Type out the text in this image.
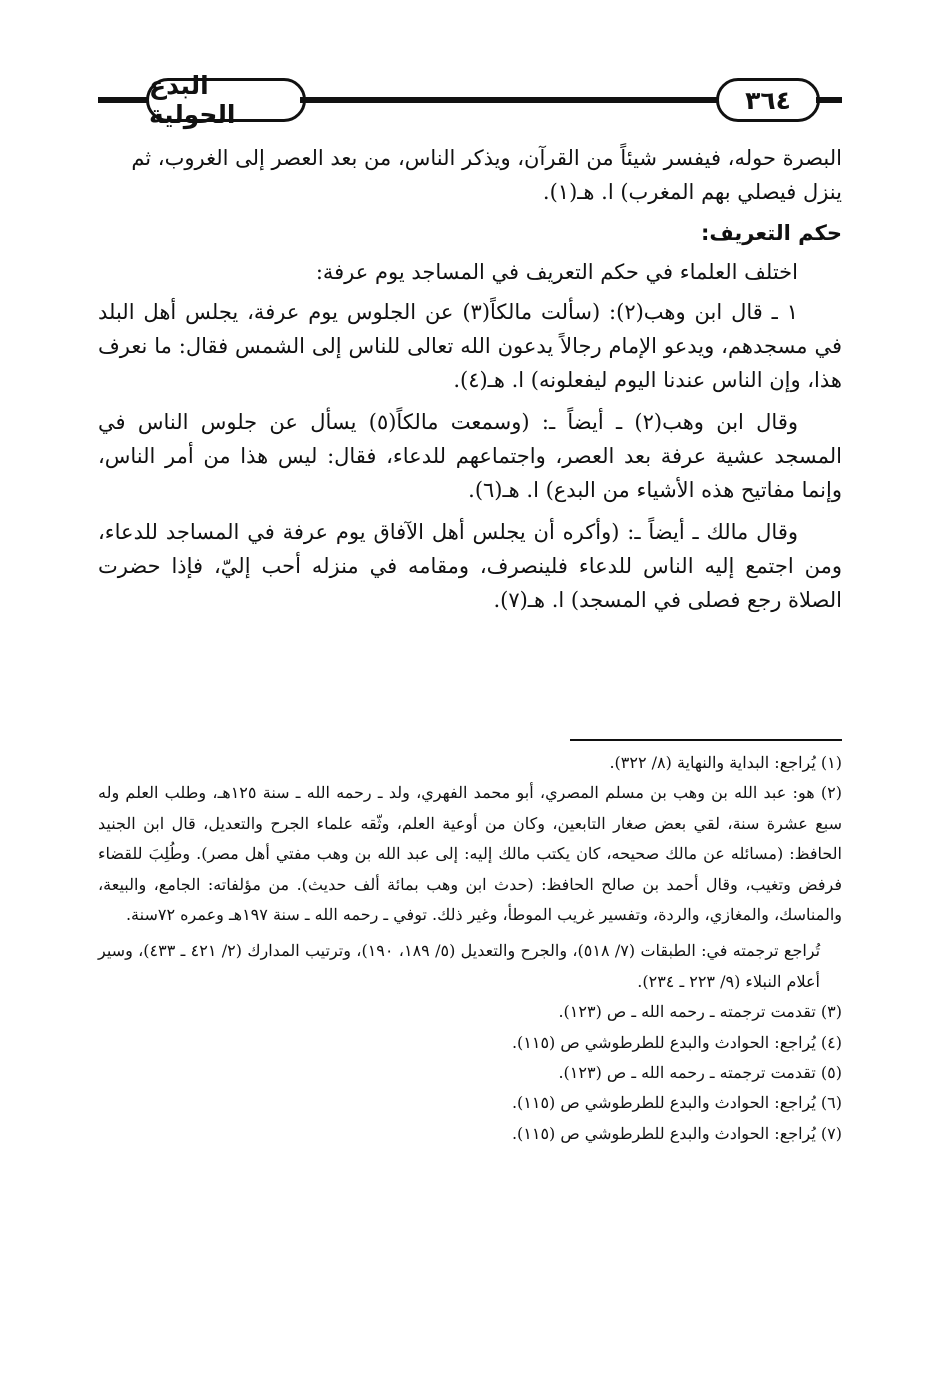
البدع الحولية	٣٦٤

البصرة حوله، فيفسر شيئاً من القرآن، ويذكر الناس، من بعد العصر إلى الغروب، ثم

ينزل فيصلي بهم المغرب) ا. هـ(١).

حكم التعريف:

اختلف العلماء في حكم التعريف في المساجد يوم عرفة:

١ ـ قال ابن وهب(٢): (سألت مالكاً(٣) عن الجلوس يوم عرفة، يجلس أهل البلد في مسجدهم، ويدعو الإمام رجالاً يدعون الله تعالى للناس إلى الشمس فقال: ما نعرف هذا، وإن الناس عندنا اليوم ليفعلونه) ا. هـ(٤).

وقال ابن وهب(٢) ـ أيضاً ـ: (وسمعت مالكاً(٥) يسأل عن جلوس الناس في المسجد عشية عرفة بعد العصر، واجتماعهم للدعاء، فقال: ليس هذا من أمر الناس، وإنما مفاتيح هذه الأشياء من البدع) ا. هـ(٦).

وقال مالك ـ أيضاً ـ: (وأكره أن يجلس أهل الآفاق يوم عرفة في المساجد للدعاء، ومن اجتمع إليه الناس للدعاء فلينصرف، ومقامه في منزله أحب إليّ، فإذا حضرت الصلاة رجع فصلى في المسجد) ا. هـ(٧).

(١) يُراجع: البداية والنهاية (٨/ ٣٢٢).

(٢) هو: عبد الله بن وهب بن مسلم المصري، أبو محمد الفهري، ولد ـ رحمه الله ـ سنة ١٢٥هـ، وطلب العلم وله سبع عشرة سنة، لقي بعض صغار التابعين، وكان من أوعية العلم، وثّقه علماء الجرح والتعديل، قال ابن الجنيد الحافظ: (مسائله عن مالك صحيحه، كان يكتب مالك إليه: إلى عبد الله بن وهب مفتي أهل مصر). وطُلِبَ للقضاء فرفض وتغيب، وقال أحمد بن صالح الحافظ: (حدث ابن وهب بمائة ألف حديث). من مؤلفاته: الجامع، والبيعة، والمناسك، والمغازي، والردة، وتفسير غريب الموطأ، وغير ذلك. توفي ـ رحمه الله ـ سنة ١٩٧هـ وعمره ٧٢سنة.

تُراجع ترجمته في: الطبقات (٧/ ٥١٨)، والجرح والتعديل (٥/ ١٨٩، ١٩٠)، وترتيب المدارك (٢/ ٤٢١ ـ ٤٣٣)، وسير أعلام النبلاء (٩/ ٢٢٣ ـ ٢٣٤).

(٣) تقدمت ترجمته ـ رحمه الله ـ ص (١٢٣).

(٤) يُراجع: الحوادث والبدع للطرطوشي ص (١١٥).

(٥) تقدمت ترجمته ـ رحمه الله ـ ص (١٢٣).

(٦) يُراجع: الحوادث والبدع للطرطوشي ص (١١٥).

(٧) يُراجع: الحوادث والبدع للطرطوشي ص (١١٥).
